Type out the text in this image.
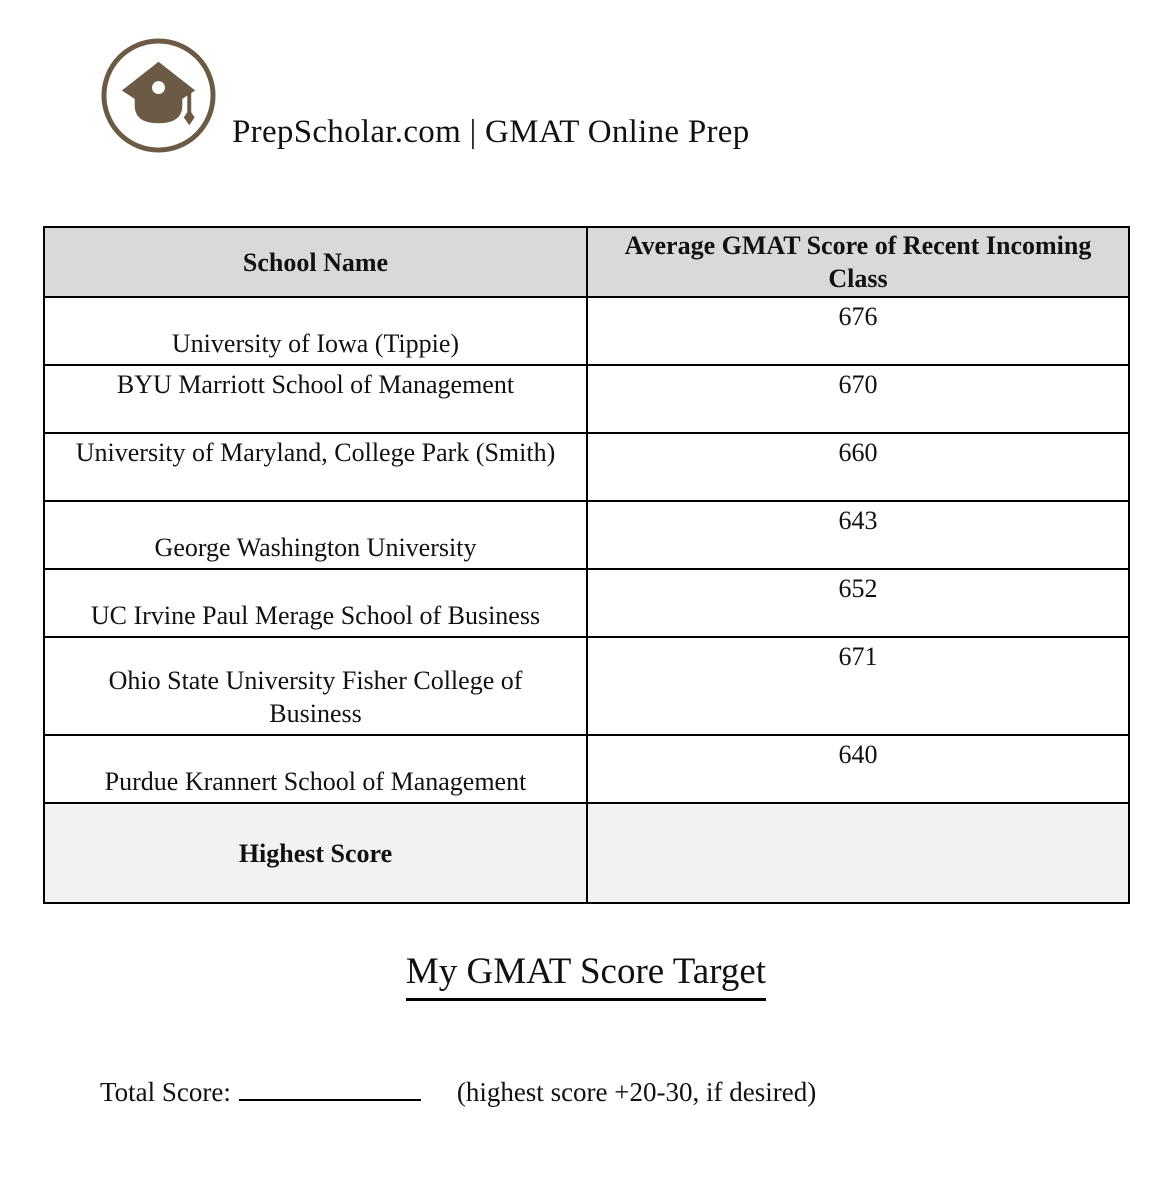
PrepScholar.com | GMAT Online Prep
School Name	Average GMAT Score of Recent Incoming Class
University of Iowa (Tippie)	676
BYU Marriott School of Management	670
University of Maryland, College Park (Smith)	660
George Washington University	643
UC Irvine Paul Merage School of Business	652
Ohio State University Fisher College of Business	671
Purdue Krannert School of Management	640
Highest Score	
My GMAT Score Target
Total Score:	(highest score +20-30, if desired)
